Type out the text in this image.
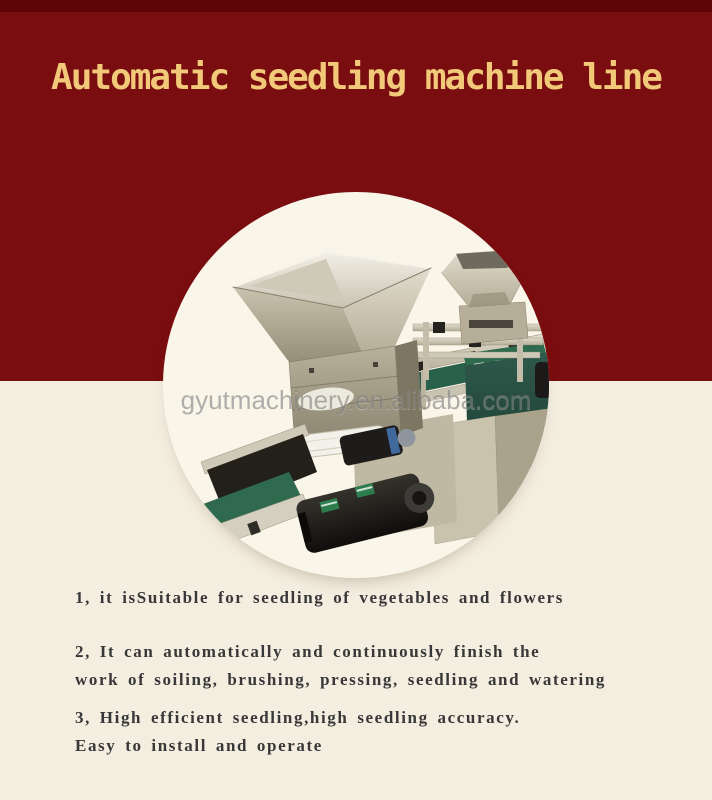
Automatic seedling machine line
gyutmachinery.en.alibaba.com

1, it isSuitable for seedling of vegetables and flowers

2, It can automatically and continuously finish the
work of soiling, brushing, pressing, seedling and watering

3, High efficient seedling,high seedling accuracy.
Easy to install and operate
